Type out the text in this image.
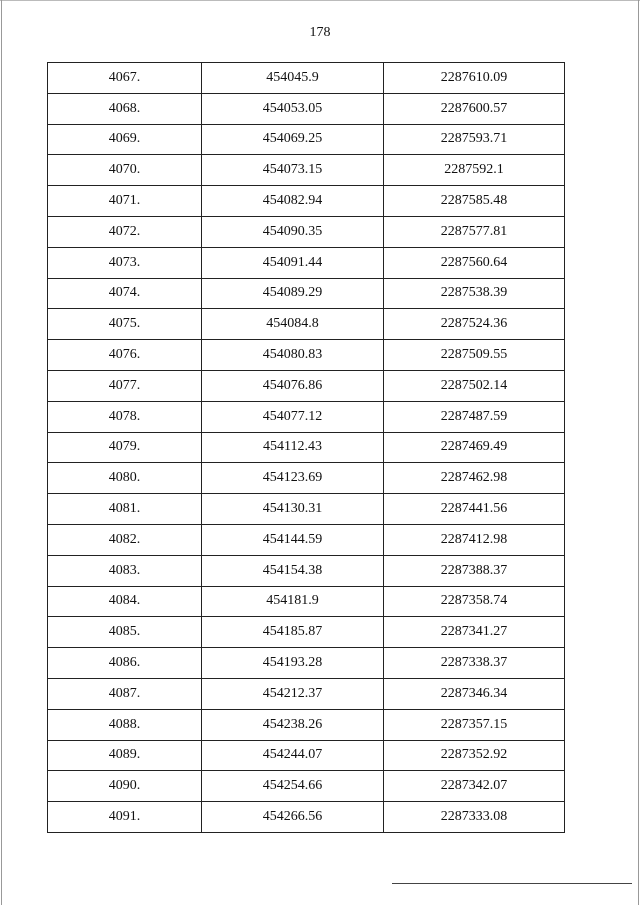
178
4067.	454045.9	2287610.09
4068.	454053.05	2287600.57
4069.	454069.25	2287593.71
4070.	454073.15	2287592.1
4071.	454082.94	2287585.48
4072.	454090.35	2287577.81
4073.	454091.44	2287560.64
4074.	454089.29	2287538.39
4075.	454084.8	2287524.36
4076.	454080.83	2287509.55
4077.	454076.86	2287502.14
4078.	454077.12	2287487.59
4079.	454112.43	2287469.49
4080.	454123.69	2287462.98
4081.	454130.31	2287441.56
4082.	454144.59	2287412.98
4083.	454154.38	2287388.37
4084.	454181.9	2287358.74
4085.	454185.87	2287341.27
4086.	454193.28	2287338.37
4087.	454212.37	2287346.34
4088.	454238.26	2287357.15
4089.	454244.07	2287352.92
4090.	454254.66	2287342.07
4091.	454266.56	2287333.08
